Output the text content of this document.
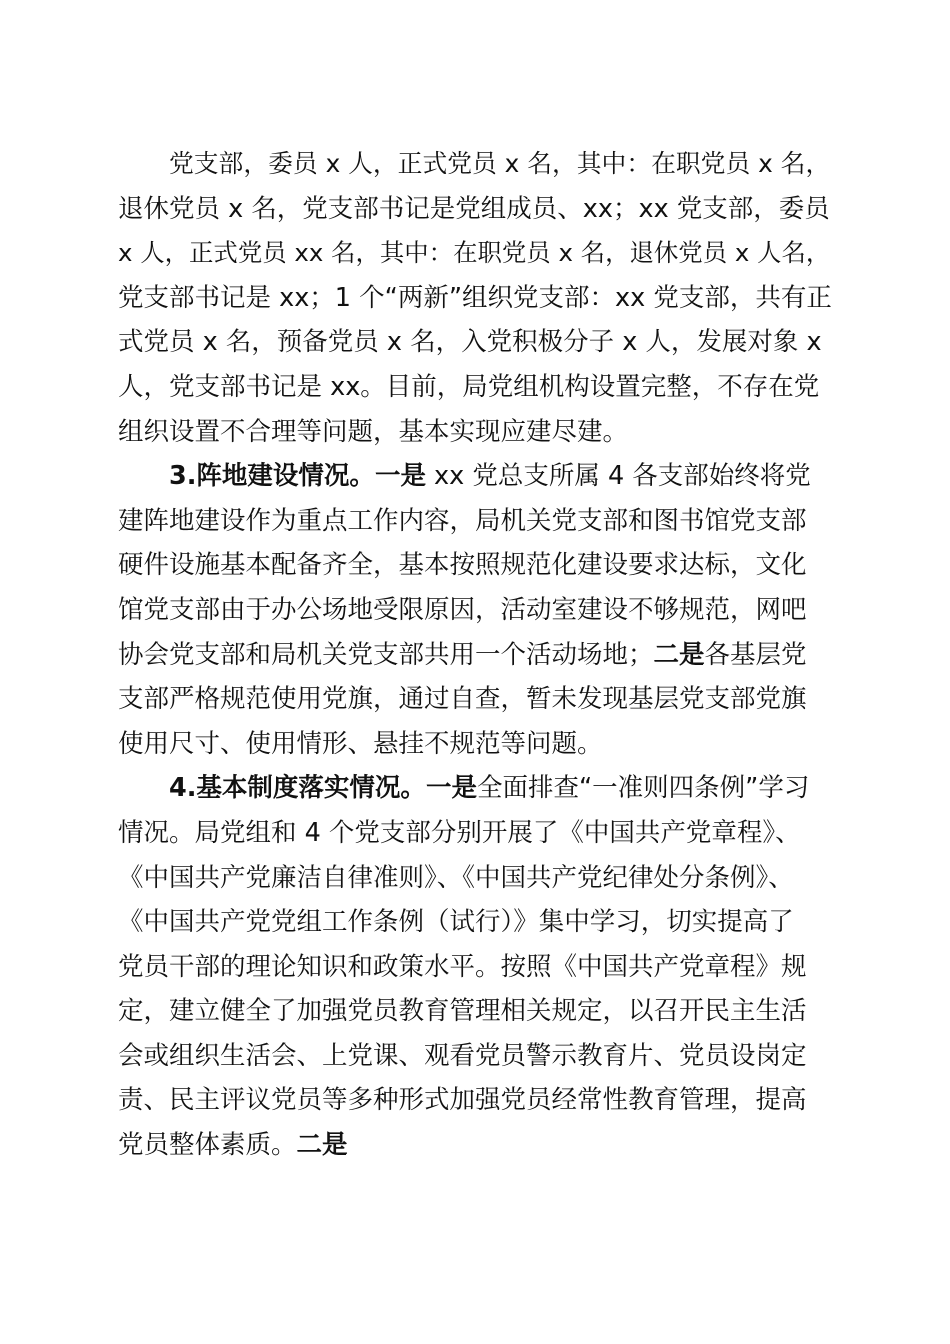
党支部，委员 x 人，正式党员 x 名，其中：在职党员 x 名，
退休党员 x 名，党支部书记是党组成员、xx；xx 党支部，委员
x 人，正式党员 xx 名，其中：在职党员 x 名，退休党员 x 人名，
党支部书记是 xx；1 个“两新”组织党支部：xx 党支部，共有正
式党员 x 名，预备党员 x 名，入党积极分子 x 人，发展对象 x
人，党支部书记是 xx。目前，局党组机构设置完整，不存在党
组织设置不合理等问题，基本实现应建尽建。
3.阵地建设情况。一是 xx 党总支所属 4 各支部始终将党
建阵地建设作为重点工作内容，局机关党支部和图书馆党支部
硬件设施基本配备齐全，基本按照规范化建设要求达标，文化
馆党支部由于办公场地受限原因，活动室建设不够规范，网吧
协会党支部和局机关党支部共用一个活动场地；二是各基层党
支部严格规范使用党旗，通过自查，暂未发现基层党支部党旗
使用尺寸、使用情形、悬挂不规范等问题。
4.基本制度落实情况。一是全面排查“一准则四条例”学习
情况。局党组和 4 个党支部分别开展了《中国共产党章程》、
《中国共产党廉洁自律准则》、《中国共产党纪律处分条例》、
《中国共产党党组工作条例（试行）》集中学习，切实提高了
党员干部的理论知识和政策水平。按照《中国共产党章程》规
定，建立健全了加强党员教育管理相关规定，以召开民主生活
会或组织生活会、上党课、观看党员警示教育片、党员设岗定
责、民主评议党员等多种形式加强党员经常性教育管理，提高
党员整体素质。二是
